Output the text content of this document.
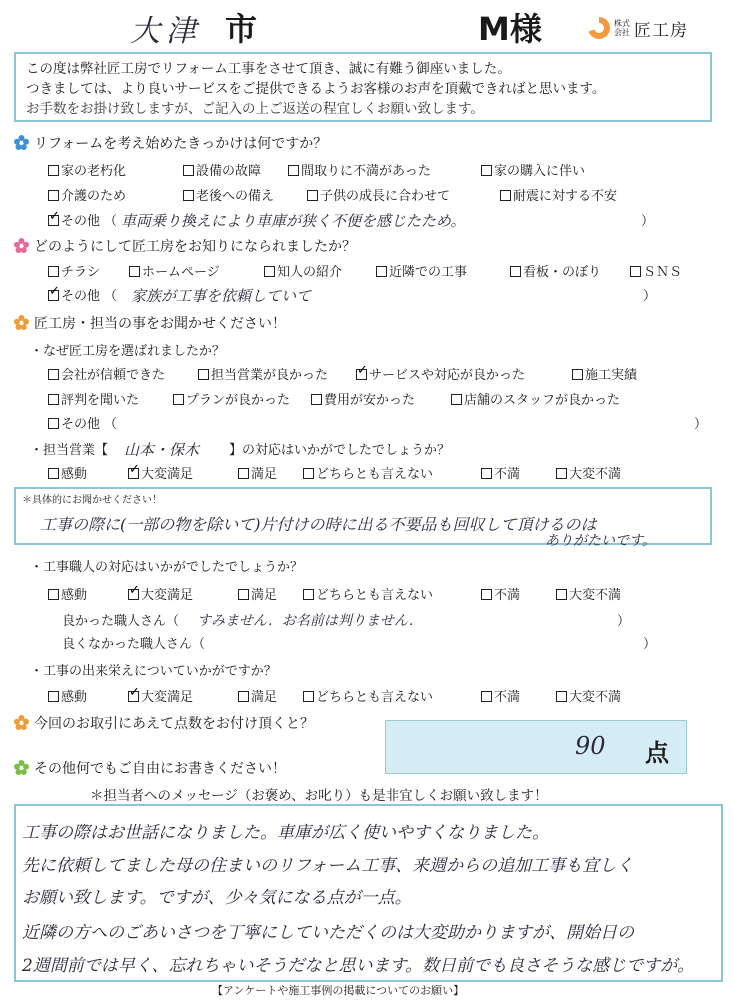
大津 市	M様	株式会社 匠工房
この度は弊社匠工房でリフォーム工事をさせて頂き、誠に有難う御座いました。
つきましては、より良いサービスをご提供できるようお客様のお声を頂戴できればと思います。
お手数をお掛け致しますが、ご記入の上ご返送の程宜しくお願い致します。
リフォームを考え始めたきっかけは何ですか？
家の老朽化	設備の故障	間取りに不満があった	家の購入に伴い
介護のため	老後への備え	子供の成長に合わせて	耐震に対する不安
✓その他 （ 車両乗り換えにより車庫が狭く不便を感じたため。	）
どのようにして匠工房をお知りになられましたか？
チラシ	ホームページ	知人の紹介	近隣での工事	看板・のぼり	ＳＮＳ
✓その他 （ 家族が工事を依頼していて	）
匠工房・担当の事をお聞かせください！
・なぜ匠工房を選ばれましたか？
会社が信頼できた	担当営業が良かった ✓	サービスや対応が良かった	施工実績
評判を聞いた	プランが良かった	費用が安かった	店舗のスタッフが良かった
その他 （	）
・担当営業【 山本・保木 】の対応はいかがでしたでしょうか？
感動 ✓	大変満足	満足	どちらとも言えない	不満	大変不満
＊具体的にお聞かせください！
工事の際に(一部の物を除いて)片付けの時に出る不要品も回収して頂けるのは
ありがたいです。
・工事職人の対応はいかがでしたでしょうか？
感動 ✓	大変満足	満足	どちらとも言えない	不満	大変不満
良かった職人さん（ すみません．お名前は判りません．	）
良くなかった職人さん（	）
・工事の出来栄えについていかがですか？
感動 ✓	大変満足	満足	どちらとも言えない	不満	大変不満
今回のお取引にあえて点数をお付け頂くと？
90 点
その他何でもご自由にお書きください！
＊担当者へのメッセージ（お褒め、お叱り）も是非宜しくお願い致します！
工事の際はお世話になりました。車庫が広く使いやすくなりました。
先に依頼してました母の住まいのリフォーム工事、来週からの追加工事も宜しく
お願い致します。ですが、少々気になる点が一点。
近隣の方へのごあいさつを丁寧にしていただくのは大変助かりますが、開始日の
2週間前では早く、忘れちゃいそうだなと思います。数日前でも良さそうな感じですが。
【アンケートや施工事例の掲載についてのお願い】
